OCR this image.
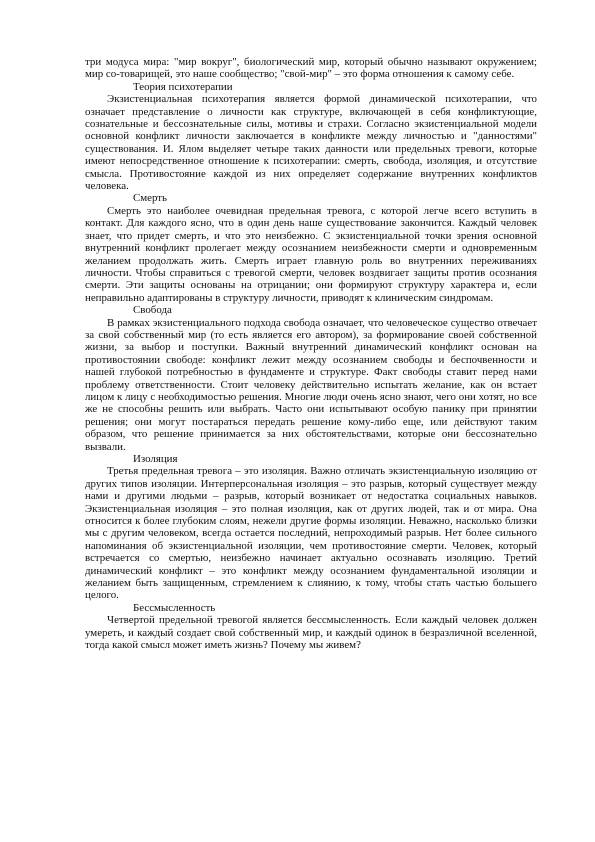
три модуса мира: "мир вокруг", биологический мир, который обычно называют окружением; мир со-товарищей, это наше сообщество; "свой-мир" – это форма отношения к самому себе.

Теория психотерапии

Экзистенциальная психотерапия является формой динамической психотерапии, что означает представление о личности как структуре, включающей в себя конфликтующие, сознательные и бессознательные силы, мотивы и страхи. Согласно экзистенциальной модели основной конфликт личности заключается в конфликте между личностью и "данностями" существования. И. Ялом выделяет четыре таких данности или предельных тревоги, которые имеют непосредственное отношение к психотерапии: смерть, свобода, изоляция, и отсутствие смысла. Противостояние каждой из них определяет содержание внутренних конфликтов человека.

Смерть

Смерть это наиболее очевидная предельная тревога, с которой легче всего вступить в контакт. Для каждого ясно, что в один день наше существование закончится. Каждый человек знает, что придет смерть, и что это неизбежно. С экзистенциальной точки зрения основной внутренний конфликт пролегает между осознанием неизбежности смерти и одновременным желанием продолжать жить. Смерть играет главную роль во внутренних переживаниях личности. Чтобы справиться с тревогой смерти, человек воздвигает защиты против осознания смерти. Эти защиты основаны на отрицании; они формируют структуру характера и, если неправильно адаптированы в структуру личности, приводят к клиническим синдромам.

Свобода

В рамках экзистенциального подхода свобода означает, что человеческое существо отвечает за свой собственный мир (то есть является его автором), за формирование своей собственной жизни, за выбор и поступки. Важный внутренний динамический конфликт основан на противостоянии свободе: конфликт лежит между осознанием свободы и беспочвенности и нашей глубокой потребностью в фундаменте и структуре. Факт свободы ставит перед нами проблему ответственности. Стоит человеку действительно испытать желание, как он встает лицом к лицу с необходимостью решения. Многие люди очень ясно знают, чего они хотят, но все же не способны решить или выбрать. Часто они испытывают особую панику при принятии решения; они могут постараться передать решение кому-либо еще, или действуют таким образом, что решение принимается за них обстоятельствами, которые они бессознательно вызвали.

Изоляция

Третья предельная тревога – это изоляция. Важно отличать экзистенциальную изоляцию от других типов изоляции. Интерперсональная изоляция – это разрыв, который существует между нами и другими людьми – разрыв, который возникает от недостатка социальных навыков. Экзистенциальная изоляция – это полная изоляция, как от других людей, так и от мира. Она относится к более глубоким слоям, нежели другие формы изоляции. Неважно, насколько близки мы с другим человеком, всегда остается последний, непроходимый разрыв. Нет более сильного напоминания об экзистенциальной изоляции, чем противостояние смерти. Человек, который встречается со смертью, неизбежно начинает актуально осознавать изоляцию. Третий динамический конфликт – это конфликт между осознанием фундаментальной изоляции и желанием быть защищенным, стремлением к слиянию, к тому, чтобы стать частью большего целого.

Бессмысленность

Четвертой предельной тревогой является бессмысленность. Если каждый человек должен умереть, и каждый создает свой собственный мир, и каждый одинок в безразличной вселенной, тогда какой смысл может иметь жизнь? Почему мы живем?
